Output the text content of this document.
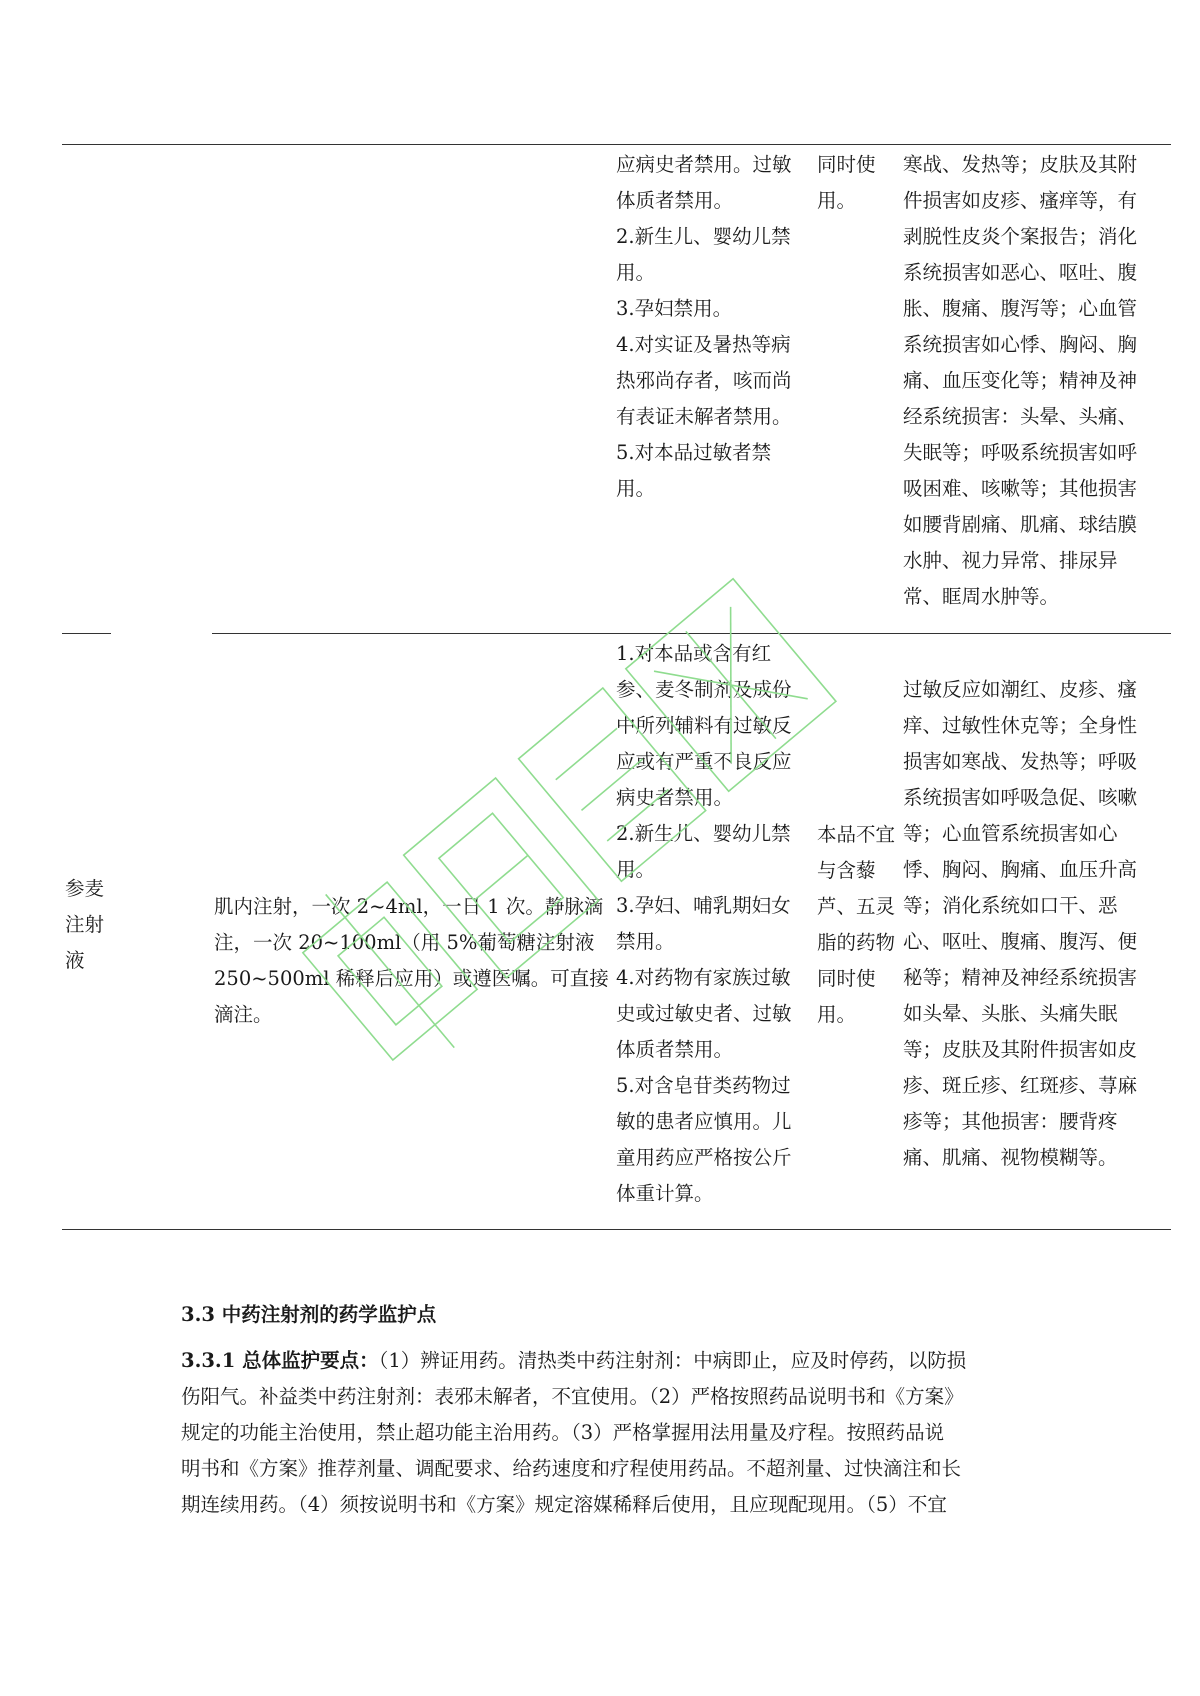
应病史者禁用。过敏
体质者禁用。
2.新生儿、婴幼儿禁
用。
3.孕妇禁用。
4.对实证及暑热等病
热邪尚存者，咳而尚
有表证未解者禁用。
5.对本品过敏者禁
用。
同时使
用。
寒战、发热等；皮肤及其附
件损害如皮疹、瘙痒等，有
剥脱性皮炎个案报告；消化
系统损害如恶心、呕吐、腹
胀、腹痛、腹泻等；心血管
系统损害如心悸、胸闷、胸
痛、血压变化等；精神及神
经系统损害：头晕、头痛、
失眠等；呼吸系统损害如呼
吸困难、咳嗽等；其他损害
如腰背剧痛、肌痛、球结膜
水肿、视力异常、排尿异
常、眶周水肿等。
参麦
注射
液
肌内注射，一次 2~4ml，一日 1 次。静脉滴
注，一次 20~100ml（用 5%葡萄糖注射液
250~500ml 稀释后应用）或遵医嘱。可直接
滴注。
1.对本品或含有红
参、麦冬制剂及成份
中所列辅料有过敏反
应或有严重不良反应
病史者禁用。
2.新生儿、婴幼儿禁
用。
3.孕妇、哺乳期妇女
禁用。
4.对药物有家族过敏
史或过敏史者、过敏
体质者禁用。
5.对含皂苷类药物过
敏的患者应慎用。儿
童用药应严格按公斤
体重计算。
本品不宜
与含藜
芦、五灵
脂的药物
同时使
用。
过敏反应如潮红、皮疹、瘙
痒、过敏性休克等；全身性
损害如寒战、发热等；呼吸
系统损害如呼吸急促、咳嗽
等；心血管系统损害如心
悸、胸闷、胸痛、血压升高
等；消化系统如口干、恶
心、呕吐、腹痛、腹泻、便
秘等；精神及神经系统损害
如头晕、头胀、头痛失眠
等；皮肤及其附件损害如皮
疹、斑丘疹、红斑疹、荨麻
疹等；其他损害：腰背疼
痛、肌痛、视物模糊等。
3.3 中药注射剂的药学监护点
3.3.1 总体监护要点：（1）辨证用药。清热类中药注射剂：中病即止，应及时停药，以防损
伤阳气。补益类中药注射剂：表邪未解者，不宜使用。（2）严格按照药品说明书和《方案》
规定的功能主治使用，禁止超功能主治用药。（3）严格掌握用法用量及疗程。按照药品说
明书和《方案》推荐剂量、调配要求、给药速度和疗程使用药品。不超剂量、过快滴注和长
期连续用药。（4）须按说明书和《方案》规定溶媒稀释后使用，且应现配现用。（5）不宜
